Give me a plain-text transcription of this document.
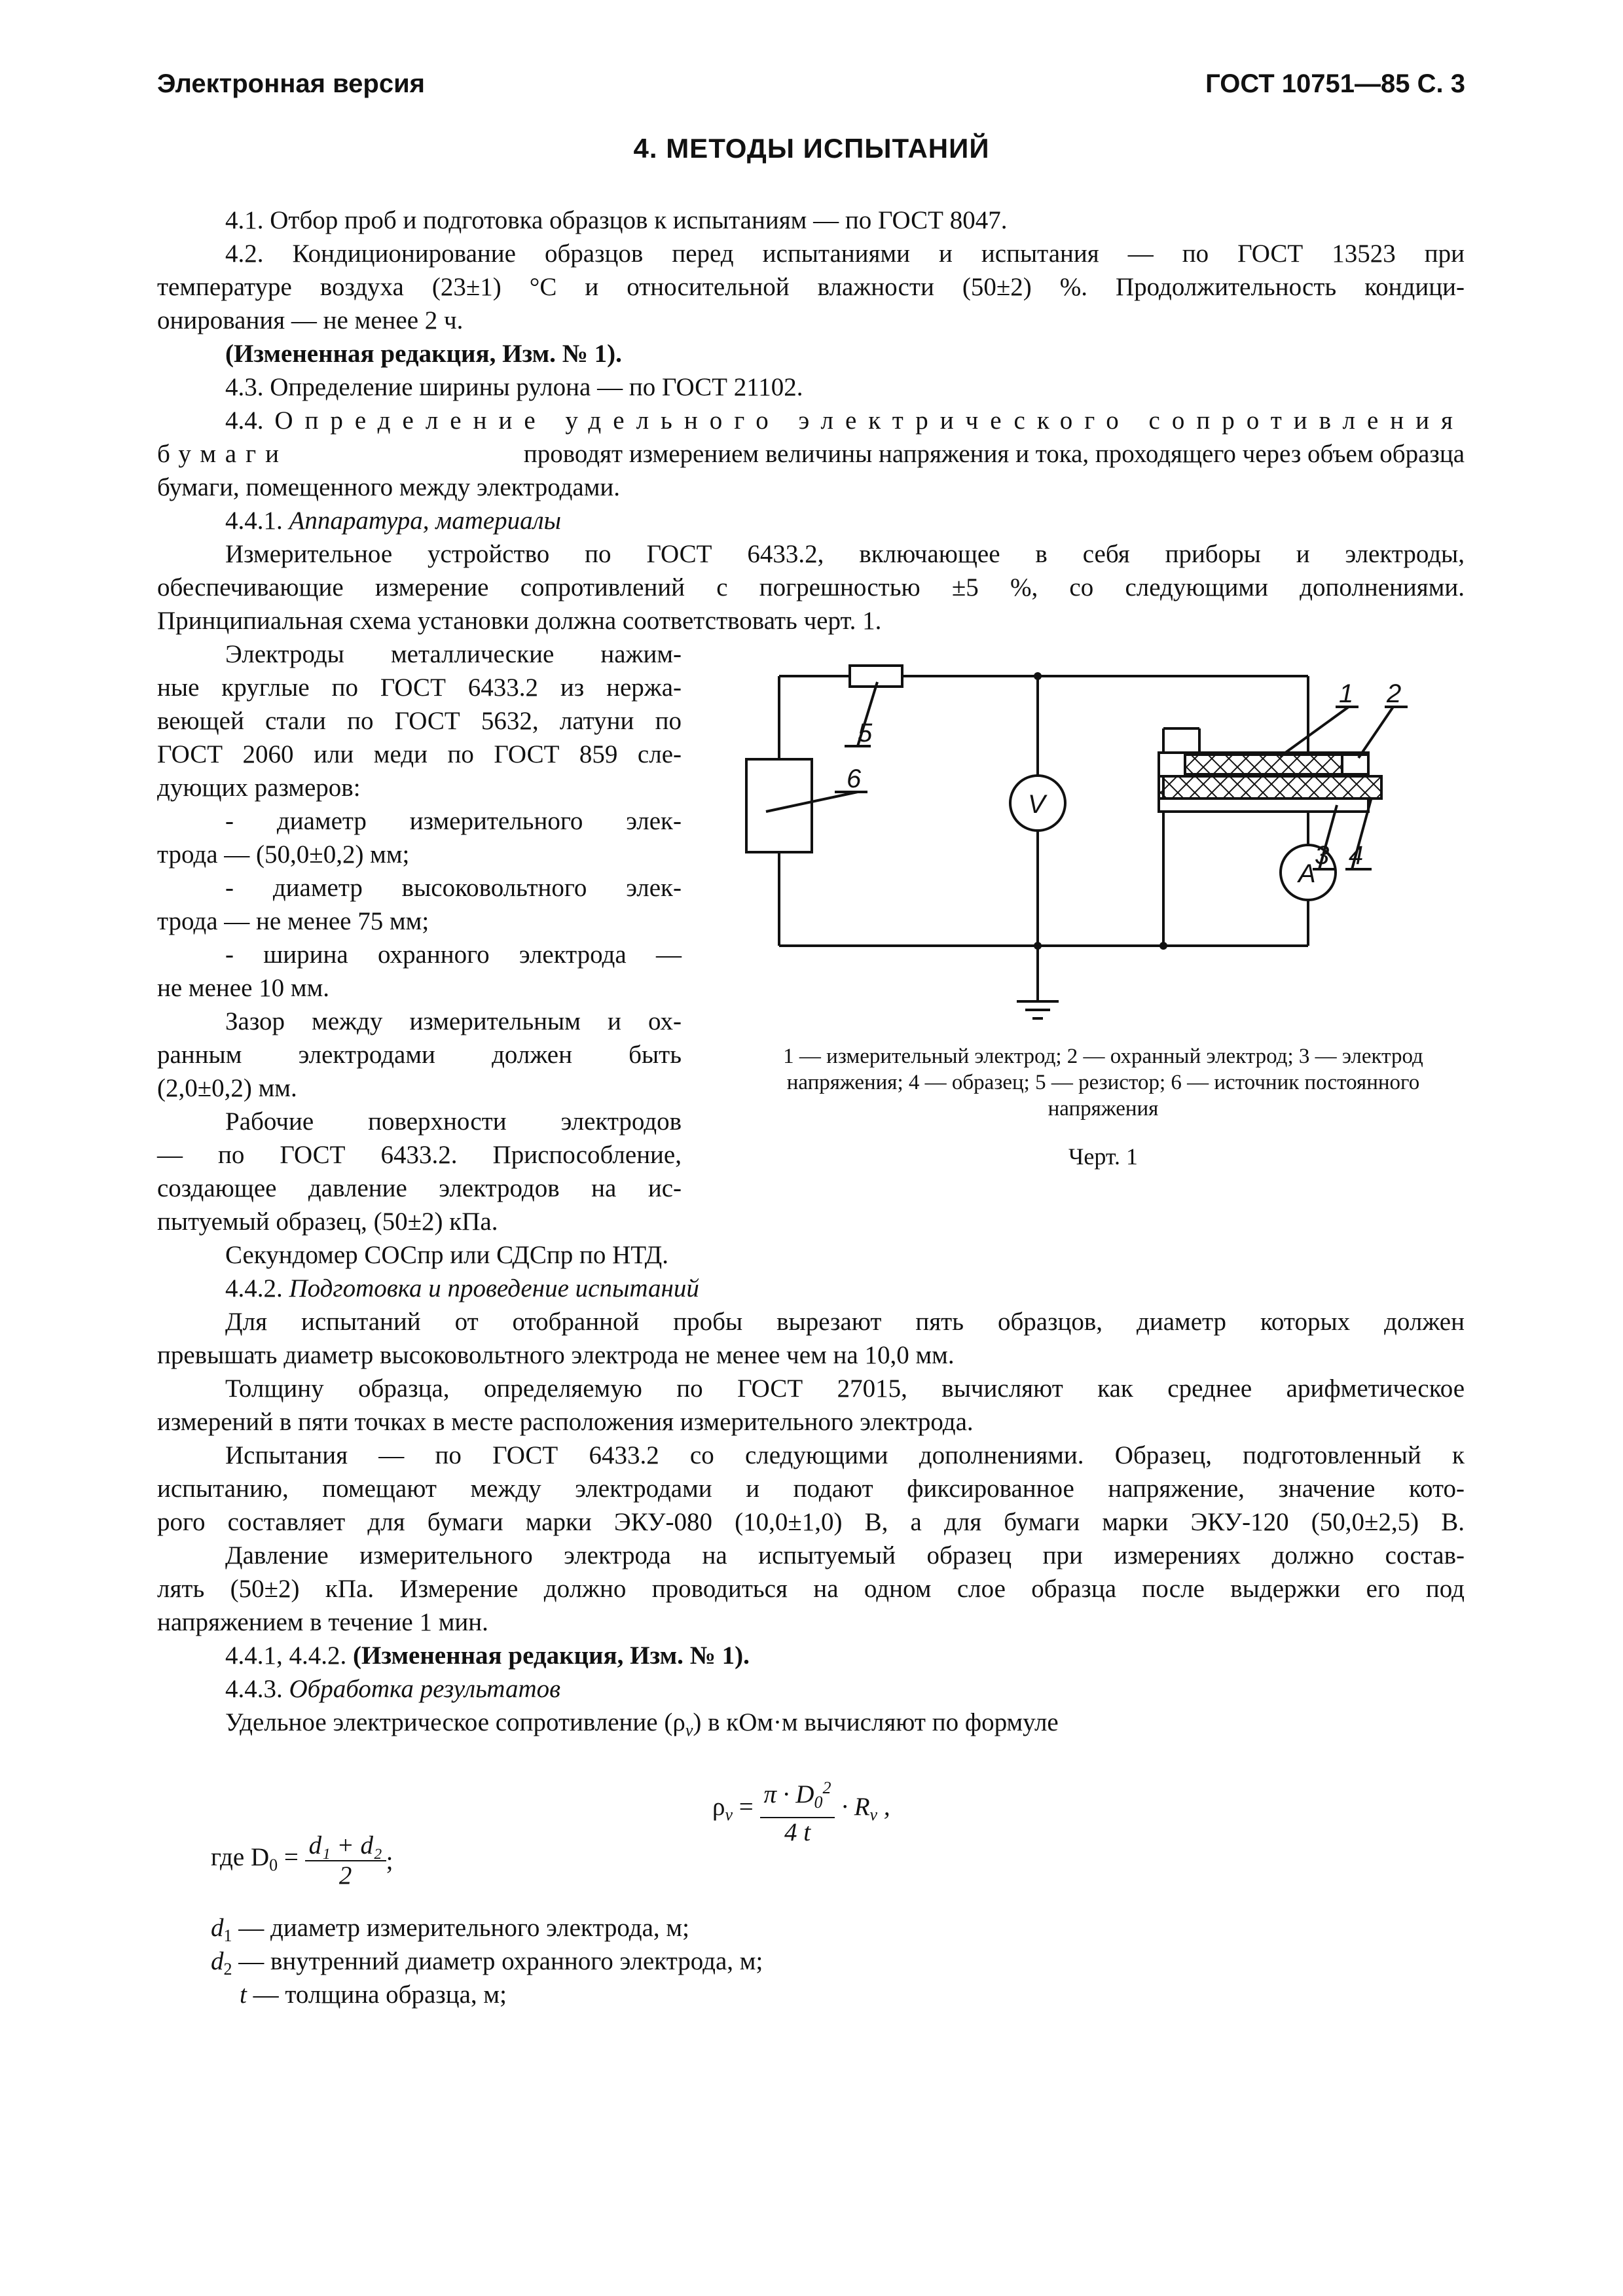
Электронная версия	ГОСТ 10751—85 С. 3
4. МЕТОДЫ ИСПЫТАНИЙ
4.1. Отбор проб и подготовка образцов к испытаниям — по ГОСТ 8047.
4.2. Кондиционирование образцов перед испытаниями и испытания — по ГОСТ 13523 при
температуре воздуха (23±1) °С и относительной влажности (50±2) %. Продолжительность кондици-
онирования — не менее 2 ч.
(Измененная редакция, Изм. № 1).
4.3. Определение ширины рулона — по ГОСТ 21102.
4.4. Определение удельного электрического сопротивления
бумаги	проводят измерением величины напряжения и тока, проходящего через объем образца
бумаги, помещенного между электродами.
4.4.1. Аппаратура, материалы
Измерительное устройство по ГОСТ 6433.2, включающее в себя приборы и электроды,
обеспечивающие измерение сопротивлений с погрешностью ±5 %, со следующими дополнениями.
Принципиальная схема установки должна соответствовать черт. 1.
Электроды металлические нажим-
ные круглые по ГОСТ 6433.2 из нержа-
веющей стали по ГОСТ 5632, латуни по
ГОСТ 2060 или меди по ГОСТ 859 сле-
дующих размеров:
- диаметр измерительного элек-
трода — (50,0±0,2) мм;
- диаметр высоковольтного элек-
трода — не менее 75 мм;
- ширина охранного электрода —
не менее 10 мм.
Зазор между измерительным и ох-
ранным электродами должен быть
(2,0±0,2) мм.
Рабочие поверхности электродов
— по ГОСТ 6433.2. Приспособление,
создающее давление электродов на ис-
пытуемый образец, (50±2) кПа.
5
6
1 2
3 4
V
A
1 — измерительный электрод; 2 — охранный электрод; 3 — электрод
напряжения; 4 — образец; 5 — резистор; 6 — источник постоянного
напряжения
Черт. 1
Секундомер СОСпр или СДСпр по НТД.
4.4.2. Подготовка и проведение испытаний
Для испытаний от отобранной пробы вырезают пять образцов, диаметр которых должен
превышать диаметр высоковольтного электрода не менее чем на 10,0 мм.
Толщину образца, определяемую по ГОСТ 27015, вычисляют как среднее арифметическое
измерений в пяти точках в месте расположения измерительного электрода.
Испытания — по ГОСТ 6433.2 со следующими дополнениями. Образец, подготовленный к
испытанию, помещают между электродами и подают фиксированное напряжение, значение кото-
рого составляет для бумаги марки ЭКУ-080 (10,0±1,0) В, а для бумаги марки ЭКУ-120 (50,0±2,5) В.
Давление измерительного электрода на испытуемый образец при измерениях должно состав-
лять (50±2) кПа. Измерение должно проводиться на одном слое образца после выдержки его под
напряжением в течение 1 мин.
4.4.1, 4.4.2. (Измененная редакция, Изм. № 1).
4.4.3. Обработка результатов
Удельное электрическое сопротивление $(\rho_v)$ в кОм·м вычисляют по формуле
$\rho_v = \frac{\pi \cdot D_0^2}{4 t} \cdot R_v$ ,
где $D_0 = \frac{\text{d₁ + d₂}}{2}$ ;
$d_1$ — диаметр измерительного электрода, м;
$d_2$ — внутренний диаметр охранного электрода, м;
t — толщина образца, м;
